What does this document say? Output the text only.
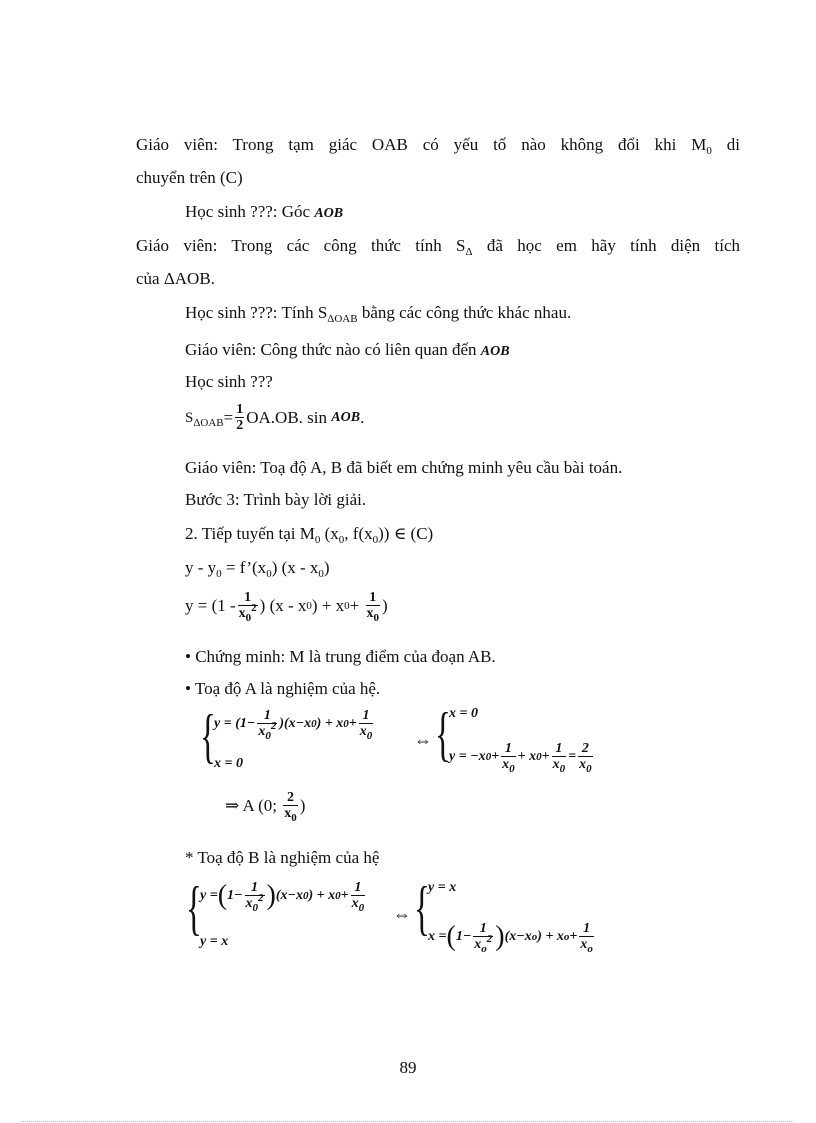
Giáo viên: Trong tạm giác OAB có yếu tố nào không đổi khi $M_0$ di
chuyển trên (C)
Học sinh ???: Góc AOB
Giáo viên: Trong các công thức tính $S_\Delta$ đã học em hãy tính diện tích
của ΔAOB.
Học sinh ???: Tính $S_{\Delta OAB}$ bằng các công thức khác nhau.
Giáo viên: Công thức nào có liên quan đến AOB
Học sinh ???
$S_{\Delta OAB} = \frac{1}{2} OA.OB$. sin
AOB .
Giáo viên: Toạ độ A, B đã biết em chứng minh yêu cầu bài toán.
Bước 3: Trình bày lời giải.
2. Tiếp tuyến tại $M_0$ ($x_0$, $f(x_0)$) ∈ (C)
y - $y_0$ = $f’(x_0)$ $(x - x_0)$
y = (1 - 1
$x_0^2$ ) (x - x 0 ) + x 0 +
$\frac{1}{x_0}$ )
• Chứng minh: M là trung điểm của đoạn AB.
• Toạ độ A là nghiệm của hệ.
{
y = (1− 1
$x_0^2$ )(x−x 0 ) + x 0 + 1
$x_0$
x = 0
⇔ {
x = 0
y = −x 0 + 1
$x_0$
+ x 0 + 1
$x_0$
= 2
$x_0$
⇒ A (0;
2
$x_0$
)
* Toạ độ B là nghiệm của hệ
{
y = ( 1− 1
$x_0^2$ ) (x−x 0 ) + x 0 + 1
$x_0$
y = x
⇔ {
y = x
x = ( 1− 1
$x_o^2$ ) (x−x o ) + x o + 1
$x_o$
89
